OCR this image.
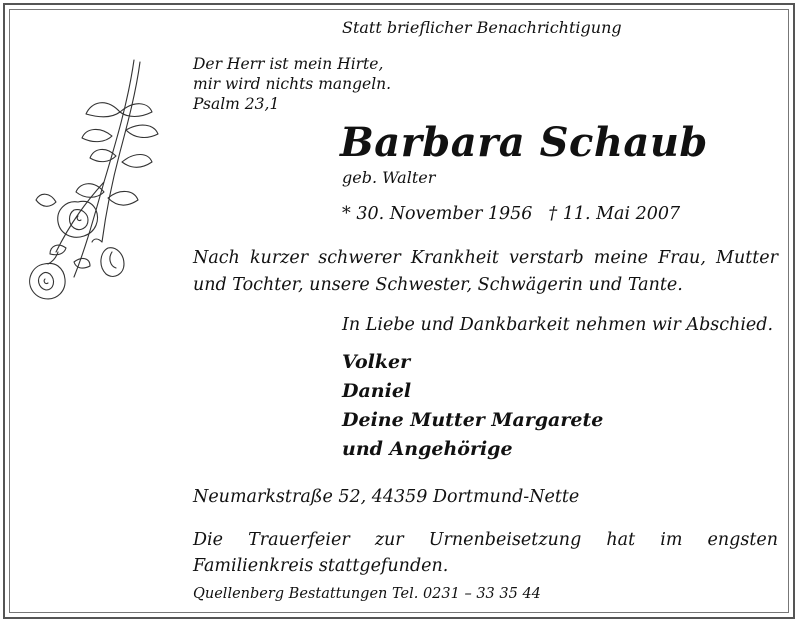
Statt brieflicher Benachrichtigung
Der Herr ist mein Hirte,
mir wird nichts mangeln.
Psalm 23,1
Barbara Schaub
geb. Walter
* 30. November 1956 † 11. Mai 2007
Nach kurzer schwerer Krankheit verstarb meine Frau, Mutter und Tochter, unsere Schwester, Schwägerin und Tante.
In Liebe und Dankbarkeit nehmen wir Abschied.
Volker
Daniel
Deine Mutter Margarete
und Angehörige
Neumarkstraße 52, 44359 Dortmund-Nette
Die Trauerfeier zur Urnenbeisetzung hat im engsten Familienkreis stattgefunden.
Quellenberg Bestattungen Tel. 0231 – 33 35 44
